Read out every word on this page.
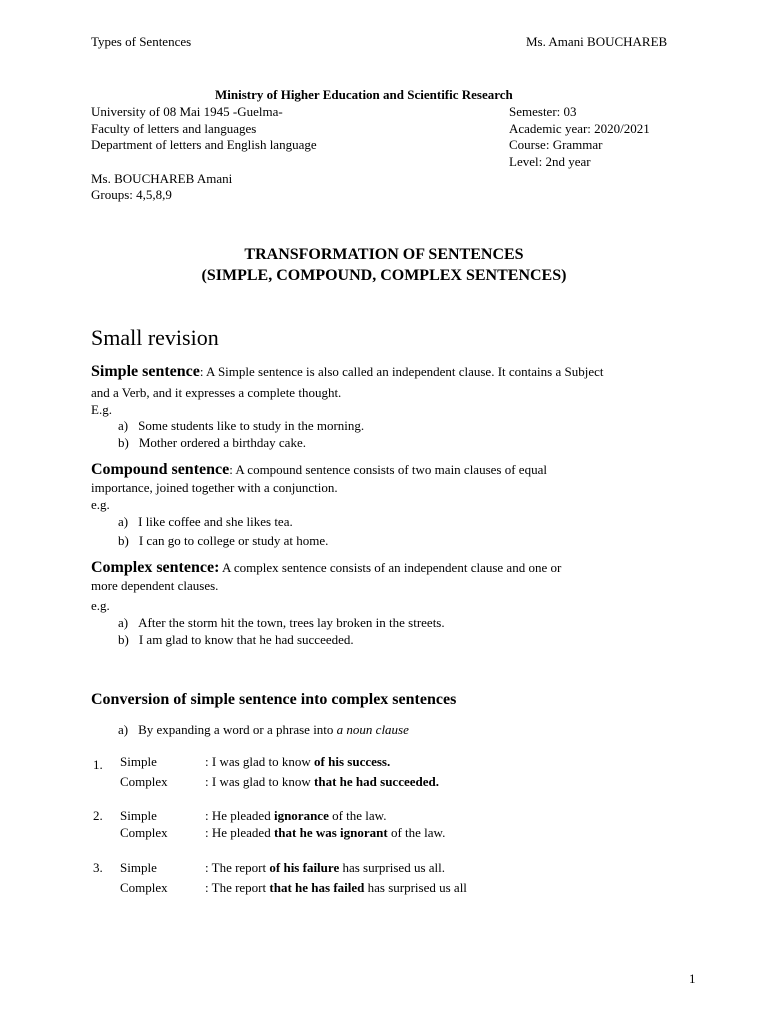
Types of Sentences	Ms. Amani BOUCHAREB
Ministry of Higher Education and Scientific Research
University of 08 Mai 1945 -Guelma-
Faculty of letters and languages
Department of letters and English language
Semester: 03
Academic year: 2020/2021
Course: Grammar
Level: 2nd year
Ms. BOUCHAREB Amani
Groups: 4,5,8,9
TRANSFORMATION OF SENTENCES
(SIMPLE, COMPOUND, COMPLEX SENTENCES)
Small revision
Simple sentence: A Simple sentence is also called an independent clause. It contains a Subject
and a Verb, and it expresses a complete thought.
E.g.
a) Some students like to study in the morning.
b) Mother ordered a birthday cake.
Compound sentence: A compound sentence consists of two main clauses of equal
importance, joined together with a conjunction.
e.g.
a) I like coffee and she likes tea.
b) I can go to college or study at home.
Complex sentence: A complex sentence consists of an independent clause and one or
more dependent clauses.
e.g.
a) After the storm hit the town, trees lay broken in the streets.
b) I am glad to know that he had succeeded.
Conversion of simple sentence into complex sentences
a) By expanding a word or a phrase into a noun clause
1. Simple	: I was glad to know of his success.
Complex	: I was glad to know that he had succeeded.
2. Simple	: He pleaded ignorance of the law.
Complex	: He pleaded that he was ignorant of the law.
3. Simple	: The report of his failure has surprised us all.
Complex	: The report that he has failed has surprised us all
1
